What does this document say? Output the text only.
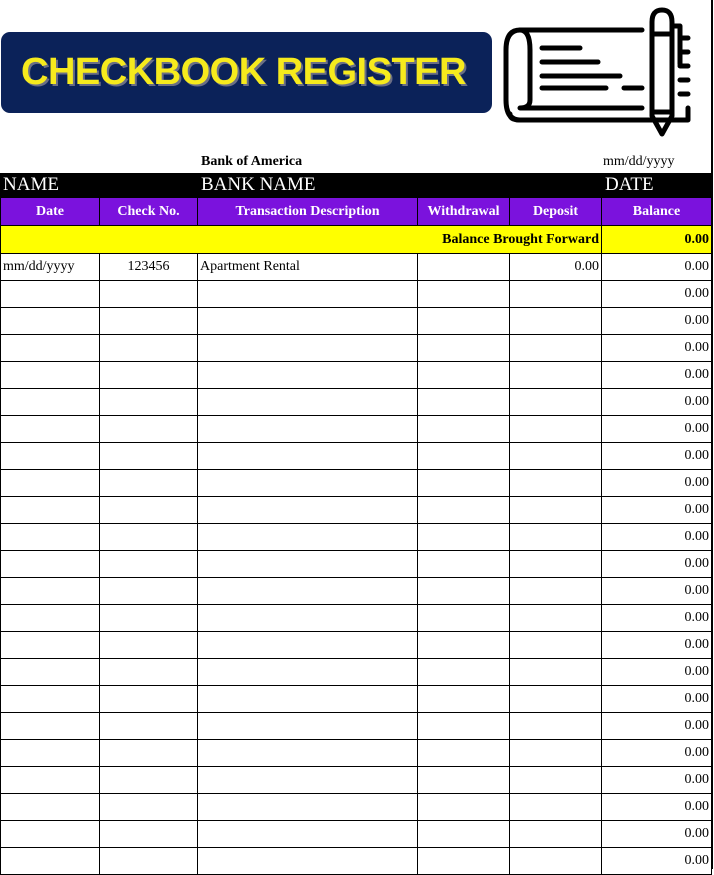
CHECKBOOK REGISTER
Bank of America	mm/dd/yyyy
NAME	BANK NAME	DATE
Date	Check No.	Transaction Description	Withdrawal	Deposit	Balance
Balance Brought Forward					0.00
mm/dd/yyyy	123456	Apartment Rental		0.00	0.00
					0.00
					0.00
					0.00
					0.00
					0.00
					0.00
					0.00
					0.00
					0.00
					0.00
					0.00
					0.00
					0.00
					0.00
					0.00
					0.00
					0.00
					0.00
					0.00
					0.00
					0.00
					0.00
